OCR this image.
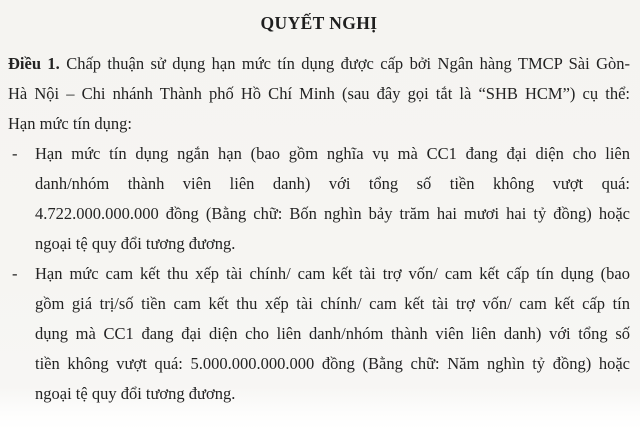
QUYẾT NGHỊ
Điều 1. Chấp thuận sử dụng hạn mức tín dụng được cấp bởi Ngân hàng TMCP Sài Gòn-
Hà Nội – Chi nhánh Thành phố Hồ Chí Minh (sau đây gọi tắt là “SHB HCM”) cụ thể:
Hạn mức tín dụng:
- Hạn mức tín dụng ngắn hạn (bao gồm nghĩa vụ mà CC1 đang đại diện cho liên
danh/nhóm thành viên liên danh) với tổng số tiền không vượt quá:
4.722.000.000.000 đồng (Bằng chữ: Bốn nghìn bảy trăm hai mươi hai tỷ đồng) hoặc
ngoại tệ quy đổi tương đương.
- Hạn mức cam kết thu xếp tài chính/ cam kết tài trợ vốn/ cam kết cấp tín dụng (bao
gồm giá trị/số tiền cam kết thu xếp tài chính/ cam kết tài trợ vốn/ cam kết cấp tín
dụng mà CC1 đang đại diện cho liên danh/nhóm thành viên liên danh) với tổng số
tiền không vượt quá: 5.000.000.000.000 đồng (Bằng chữ: Năm nghìn tỷ đồng) hoặc
ngoại tệ quy đổi tương đương.
